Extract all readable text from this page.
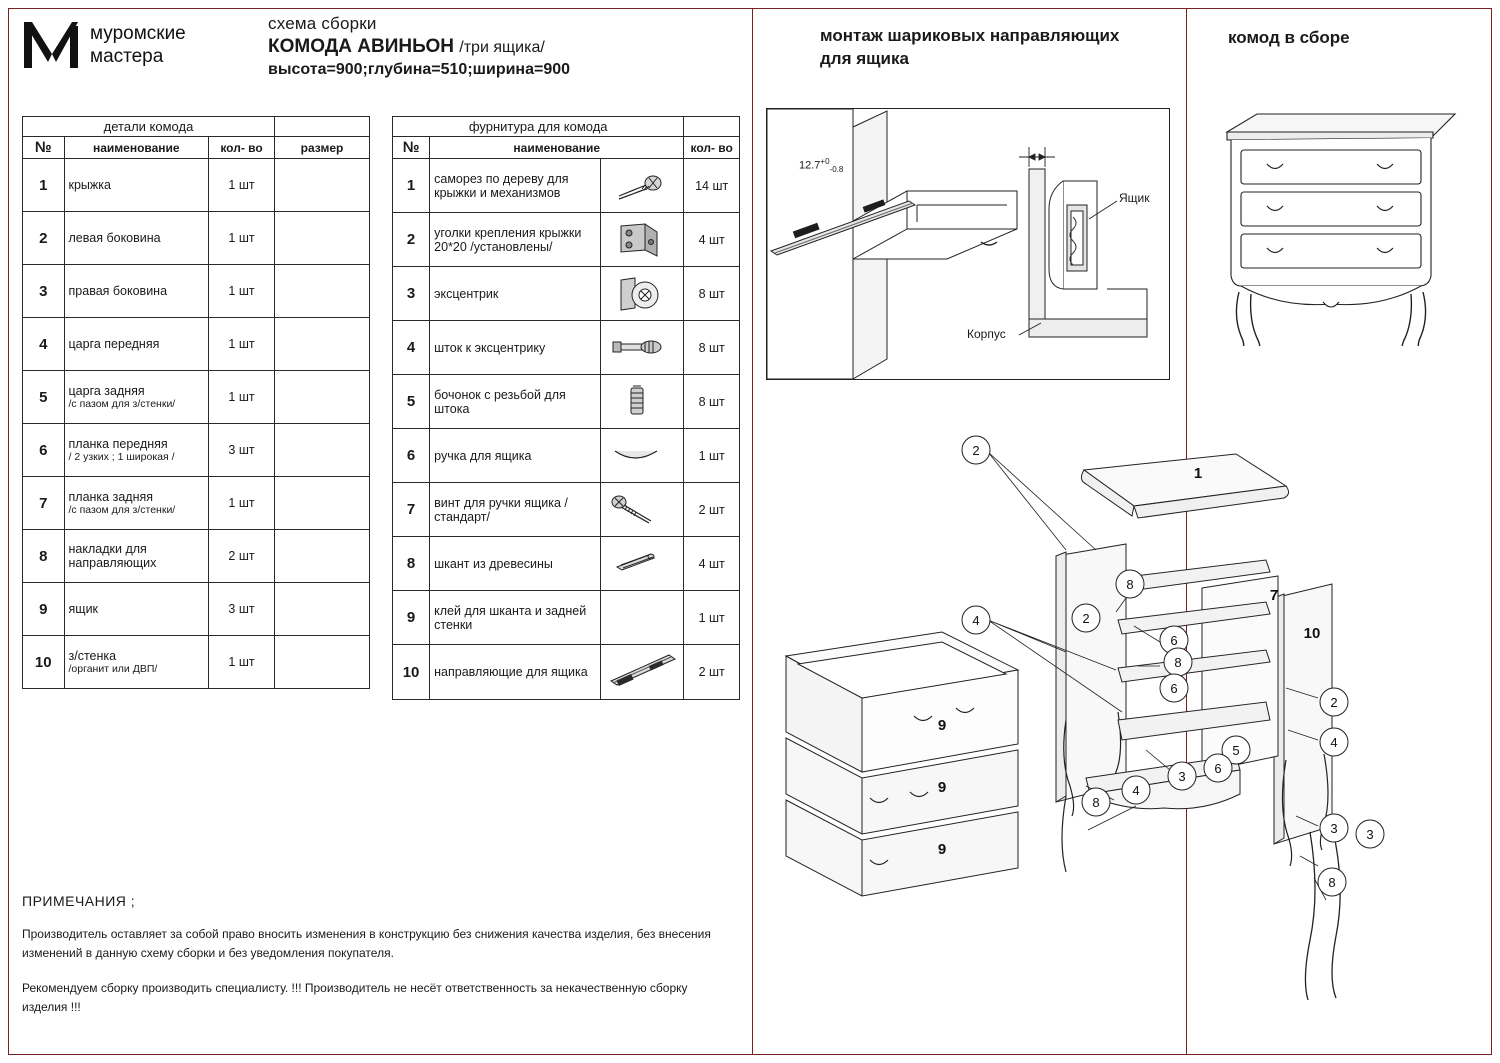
муромские
мастера
схема сборки
КОМОДА АВИНЬОН /три ящика/
высота=900;глубина=510;ширина=900
монтаж шариковых направляющих для ящика
комод в сборе
детали комода			
№	наименование	кол- во	размер
1	крыжка	1 шт	
2	левая боковина	1 шт	
3	правая боковина	1 шт	
4	царга передняя	1 шт	
5	царга задняя
/с пазом для з/стенки/	1 шт	
6	планка передняя
/ 2 узких ; 1 широкая /	3 шт	
7	планка задняя
/с пазом для з/стенки/	1 шт	
8	накладки для направляющих	2 шт	
9	ящик	3 шт	
10	з/стенка
/органит или ДВП/	1 шт	
фурнитура для комода			
№	наименование		кол- во
1	саморез по дереву для крыжки и механизмов		14 шт
2	уголки крепления крыжки 20*20 /установлены/		4 шт
3	эксцентрик		8 шт
4	шток к эксцентрику		8 шт
5	бочонок с резьбой для штока		8 шт
6	ручка для ящика		1 шт
7	винт для ручки ящика /стандарт/		2 шт
8	шкант из древесины		4 шт
9	клей для шканта и задней стенки		1 шт
10	направляющие для ящика		2 шт
ПРИМЕЧАНИЯ ;

Производитель оставляет за собой право вносить изменения в конструкцию без снижения качества изделия, без внесения изменений в данную схему сборки и без уведомления покупателя.

Рекомендуем сборку производить специалисту. !!! Производитель не несёт ответственность за некачественную сборку изделия !!!

$12.7^{+0}_{-0.8}$
Ящик
Корпус
2
4
8
2
6
8
6
5
3
6
4
8
2
4
3 3
8
1
7
10
9
9
9
